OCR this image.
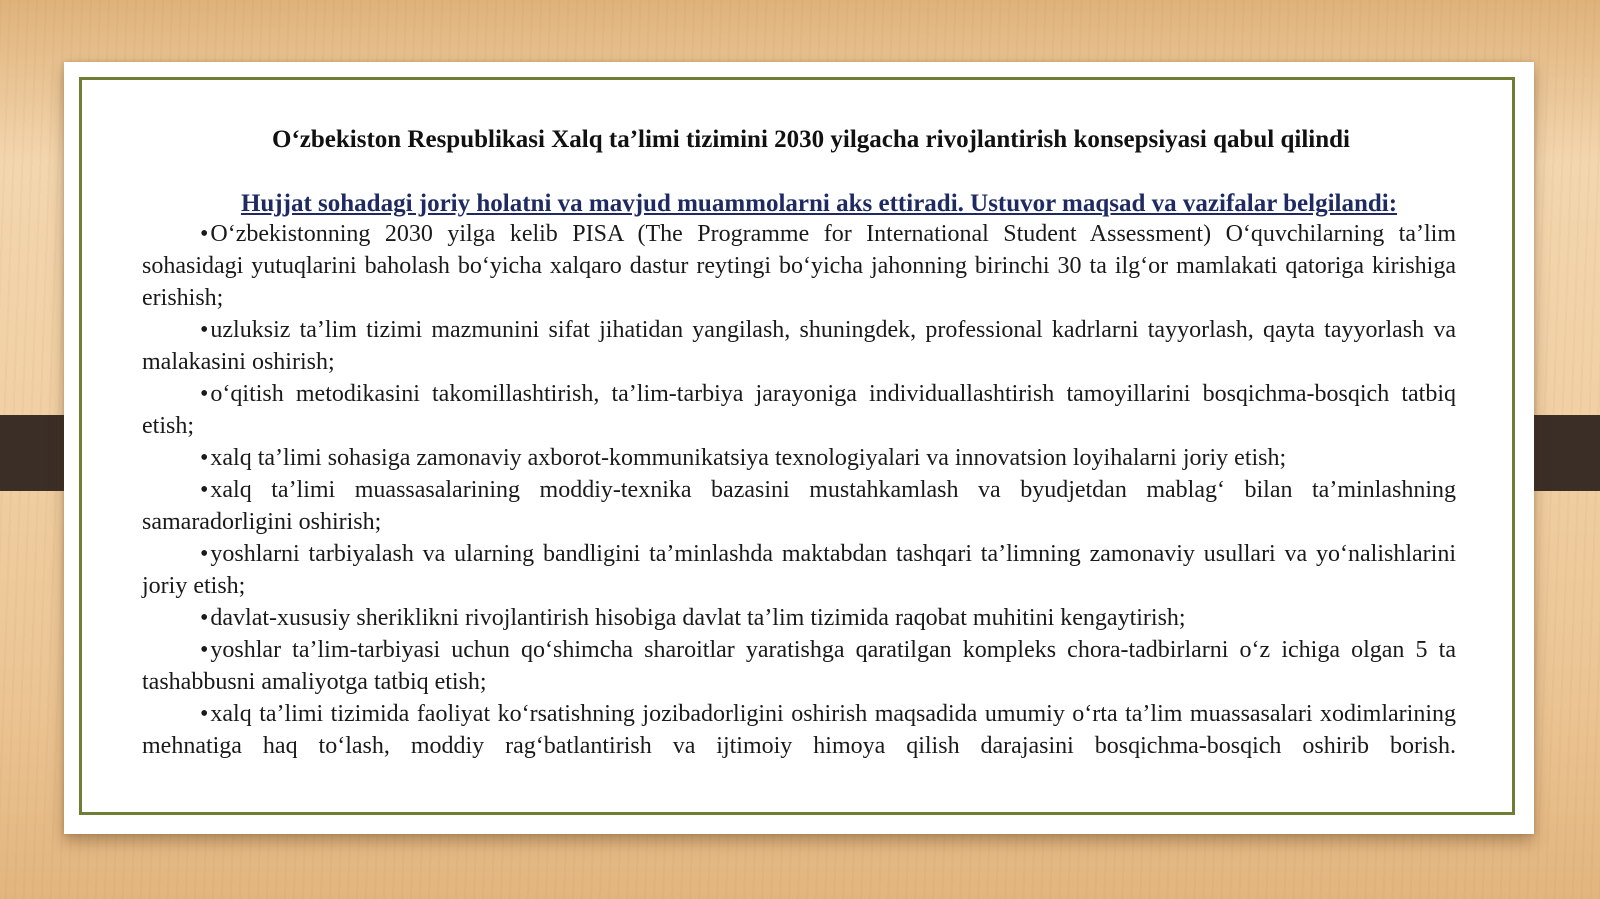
O‘zbekiston Respublikasi Xalq ta’limi tizimini 2030 yilgacha rivojlantirish konsepsiyasi qabul qilindi

Hujjat sohadagi joriy holatni va mavjud muammolarni aks ettiradi. Ustuvor maqsad va vazifalar belgilandi:

•O‘zbekistonning 2030 yilga kelib PISA (The Programme for International Student Assessment) O‘quvchilarning ta’lim sohasidagi yutuqlarini baholash bo‘yicha xalqaro dastur reytingi bo‘yicha jahonning birinchi 30 ta ilg‘or mamlakati qatoriga kirishiga erishish;
•uzluksiz ta’lim tizimi mazmunini sifat jihatidan yangilash, shuningdek, professional kadrlarni tayyorlash, qayta tayyorlash va malakasini oshirish;
•o‘qitish metodikasini takomillashtirish, ta’lim-tarbiya jarayoniga individuallashtirish tamoyillarini bosqichma-bosqich tatbiq etish;
•xalq ta’limi sohasiga zamonaviy axborot-kommunikatsiya texnologiyalari va innovatsion loyihalarni joriy etish;
•xalq ta’limi muassasalarining moddiy-texnika bazasini mustahkamlash va byudjetdan mablag‘ bilan ta’minlashning samaradorligini oshirish;
•yoshlarni tarbiyalash va ularning bandligini ta’minlashda maktabdan tashqari ta’limning zamonaviy usullari va yo‘nalishlarini joriy etish;
•davlat-xususiy sheriklikni rivojlantirish hisobiga davlat ta’lim tizimida raqobat muhitini kengaytirish;
•yoshlar ta’lim-tarbiyasi uchun qo‘shimcha sharoitlar yaratishga qaratilgan kompleks chora-tadbirlarni o‘z ichiga olgan 5 ta tashabbusni amaliyotga tatbiq etish;
•xalq ta’limi tizimida faoliyat ko‘rsatishning jozibadorligini oshirish maqsadida umumiy o‘rta ta’lim muassasalari xodimlarining mehnatiga haq to‘lash, moddiy rag‘batlantirish va ijtimoiy himoya qilish darajasini bosqichma-bosqich oshirib borish.
